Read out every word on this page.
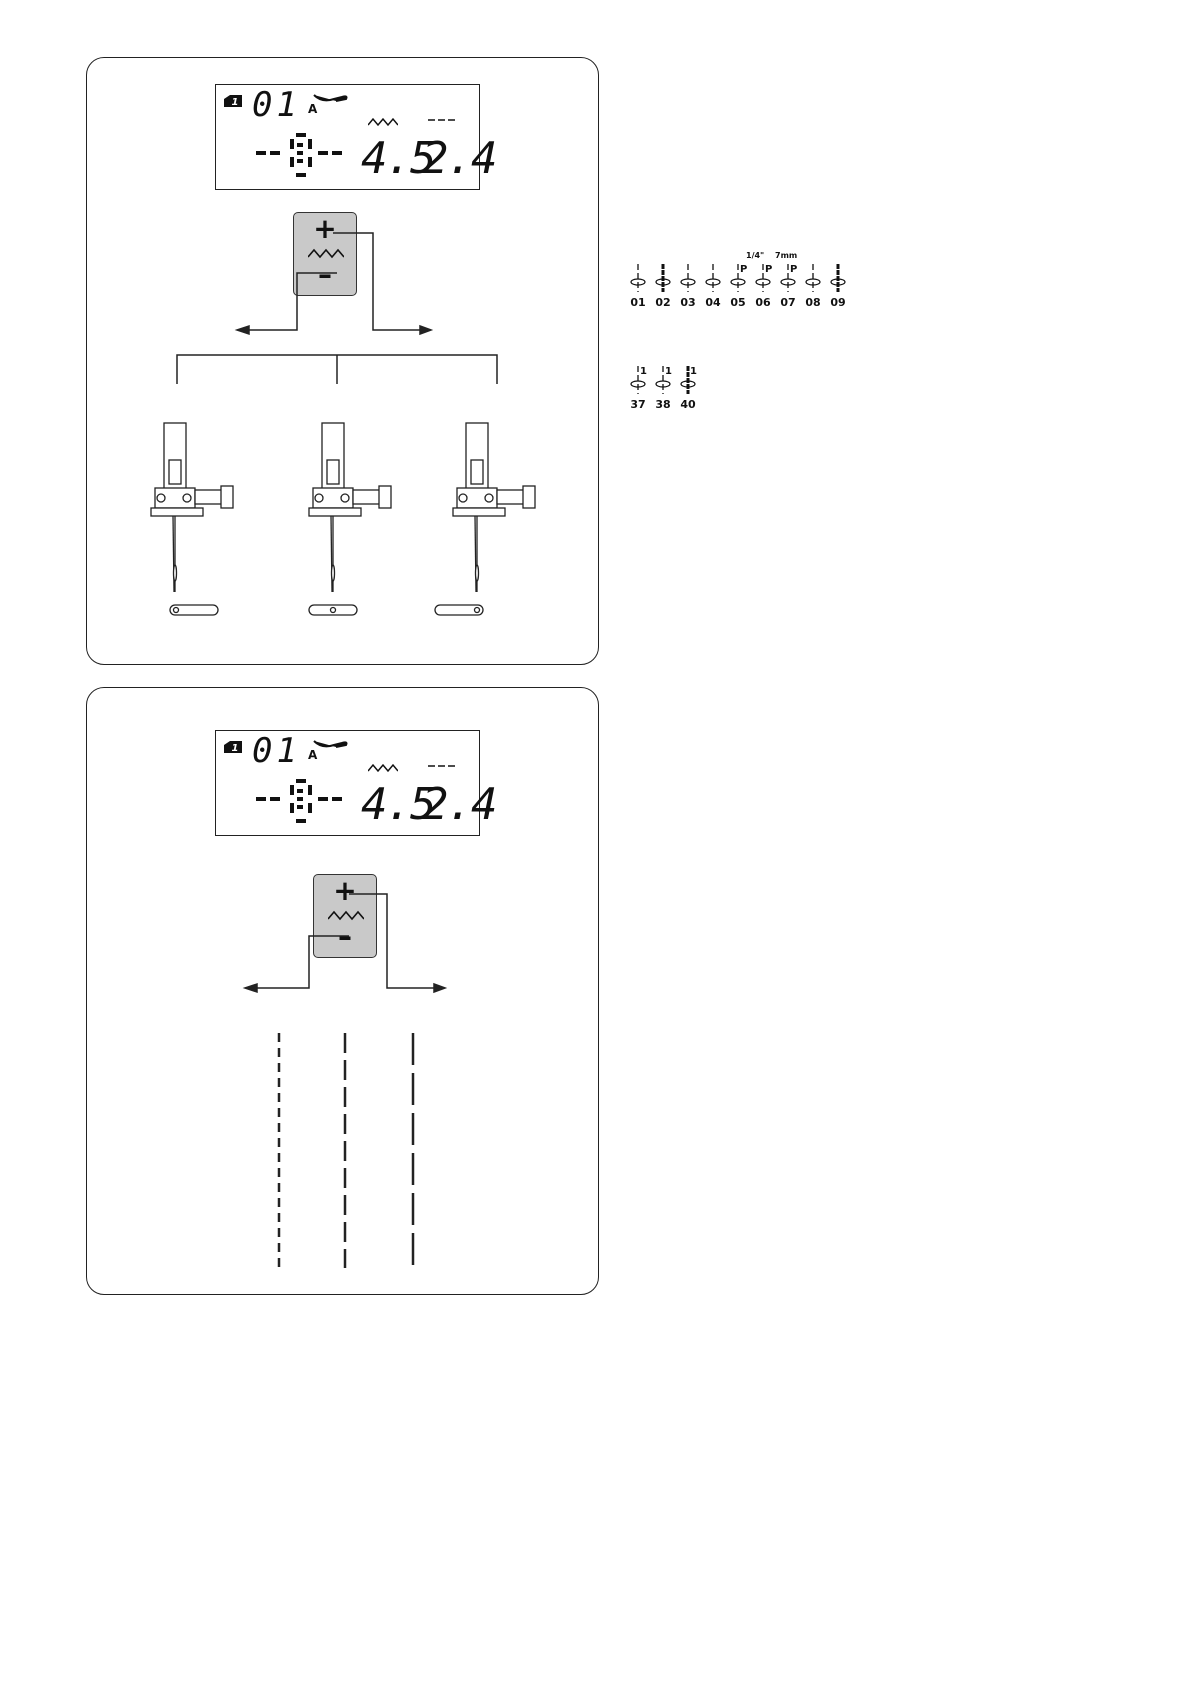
1 01 A
4.5
2.4
+
–
1 01 A
4.5
2.4
+
–
01 02 03 04
P
05
1/4"
P
06
7mm
P
07 08 09
1
37
1
38
1
40
